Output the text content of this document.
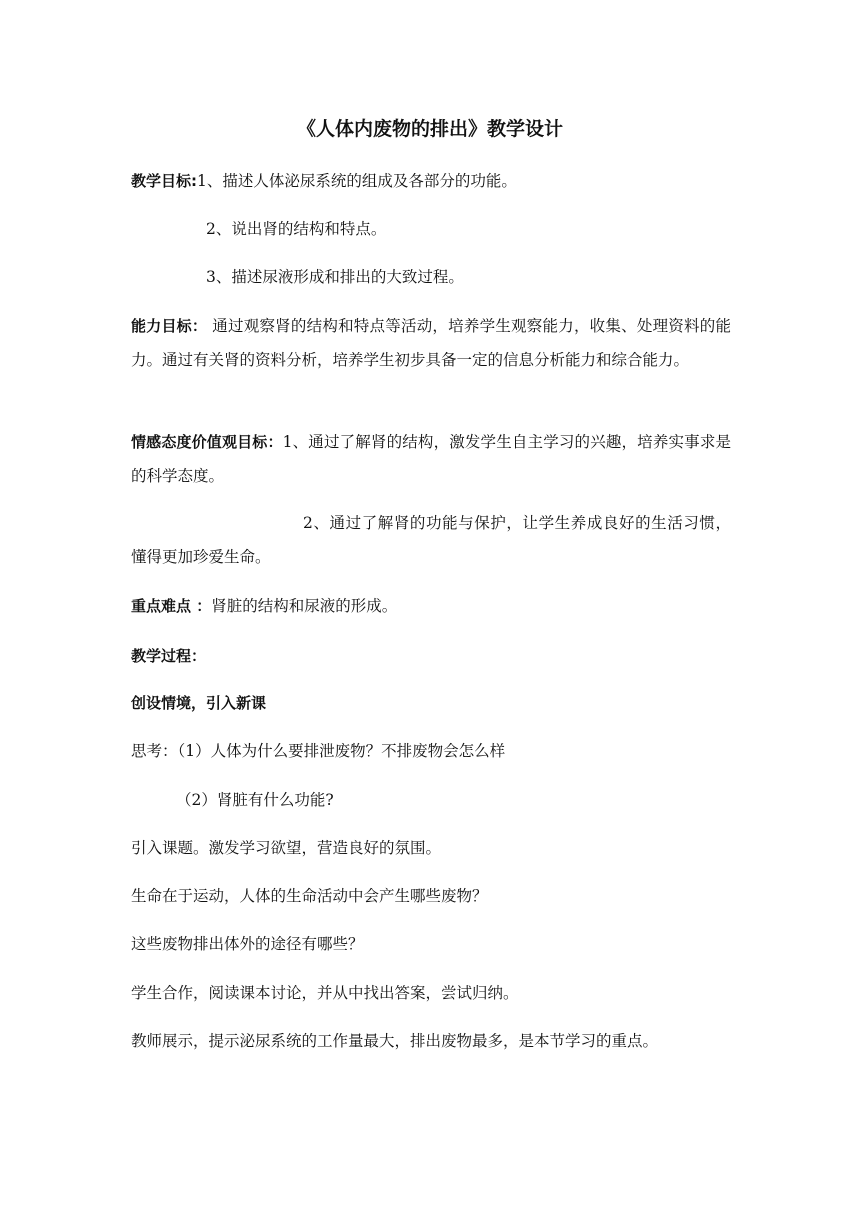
《人体内废物的排出》教学设计
教学目标:1、描述人体泌尿系统的组成及各部分的功能。
2、说出肾的结构和特点。
3、描述尿液形成和排出的大致过程。
能力目标： 通过观察肾的结构和特点等活动，培养学生观察能力，收集、处理资料的能力。通过有关肾的资料分析，培养学生初步具备一定的信息分析能力和综合能力。
情感态度价值观目标：1、通过了解肾的结构，激发学生自主学习的兴趣，培养实事求是的科学态度。
2、通过了解肾的功能与保护，让学生养成良好的生活习惯，懂得更加珍爱生命。
重点难点 ：肾脏的结构和尿液的形成。
教学过程：
创设情境，引入新课
思考：（1）人体为什么要排泄废物？不排废物会怎么样
（2）肾脏有什么功能?
引入课题。激发学习欲望，营造良好的氛围。
生命在于运动，人体的生命活动中会产生哪些废物？
这些废物排出体外的途径有哪些？
学生合作，阅读课本讨论，并从中找出答案，尝试归纳。
教师展示，提示泌尿系统的工作量最大，排出废物最多，是本节学习的重点。
